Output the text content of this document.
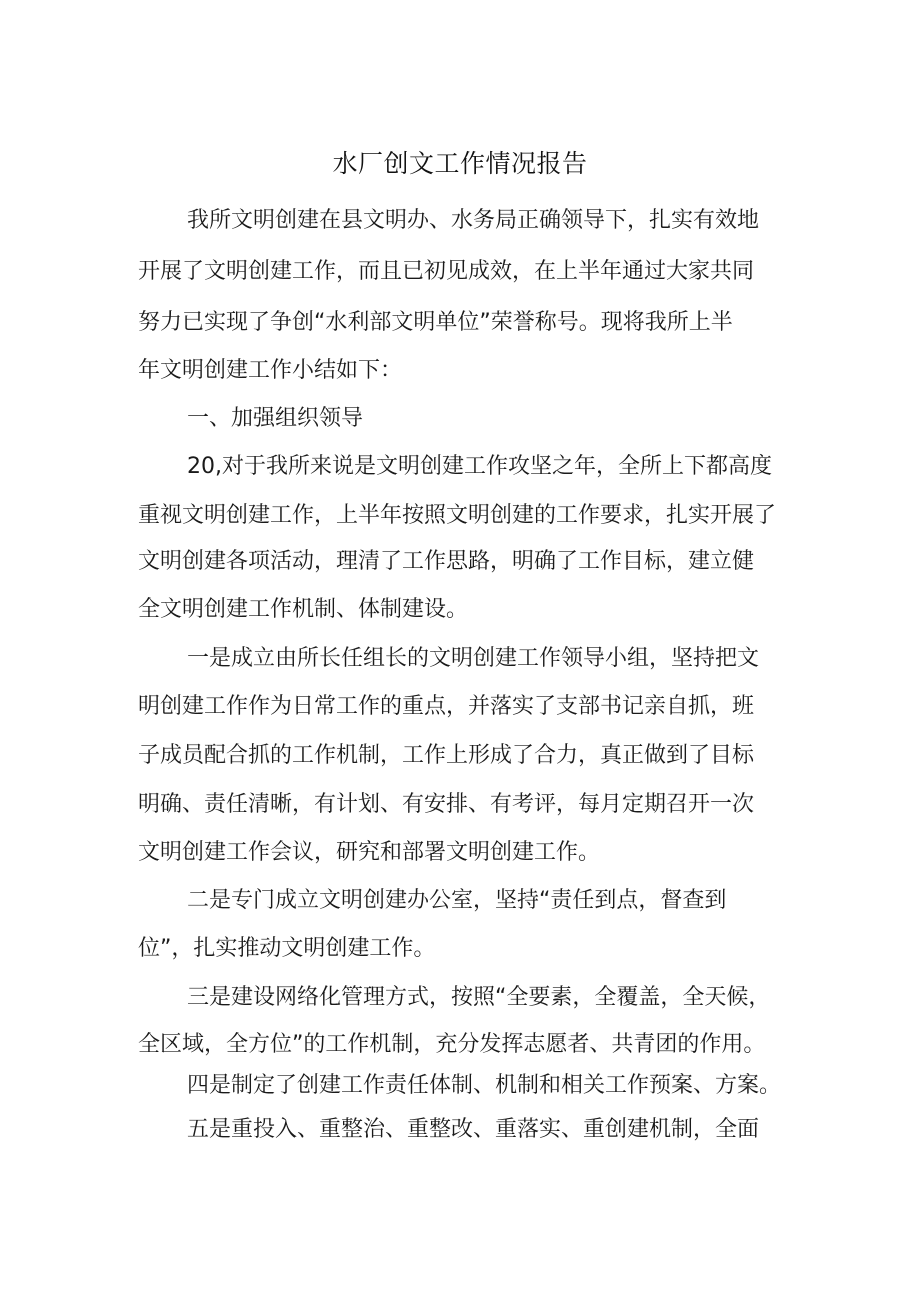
水厂创文工作情况报告
我所文明创建在县文明办、水务局正确领导下，扎实有效地
开展了文明创建工作，而且已初见成效，在上半年通过大家共同
努力已实现了争创“水利部文明单位”荣誉称号。现将我所上半
年文明创建工作小结如下：
一、加强组织领导
20,对于我所来说是文明创建工作攻坚之年，全所上下都高度
重视文明创建工作，上半年按照文明创建的工作要求，扎实开展了
文明创建各项活动，理清了工作思路，明确了工作目标，建立健
全文明创建工作机制、体制建设。
一是成立由所长任组长的文明创建工作领导小组，坚持把文
明创建工作作为日常工作的重点，并落实了支部书记亲自抓，班
子成员配合抓的工作机制，工作上形成了合力，真正做到了目标
明确、责任清晰，有计划、有安排、有考评，每月定期召开一次
文明创建工作会议，研究和部署文明创建工作。
二是专门成立文明创建办公室，坚持“责任到点，督查到
位”，扎实推动文明创建工作。
三是建设网络化管理方式，按照“全要素，全覆盖，全天候，
全区域，全方位”的工作机制，充分发挥志愿者、共青团的作用。
四是制定了创建工作责任体制、机制和相关工作预案、方案。
五是重投入、重整治、重整改、重落实、重创建机制，全面
